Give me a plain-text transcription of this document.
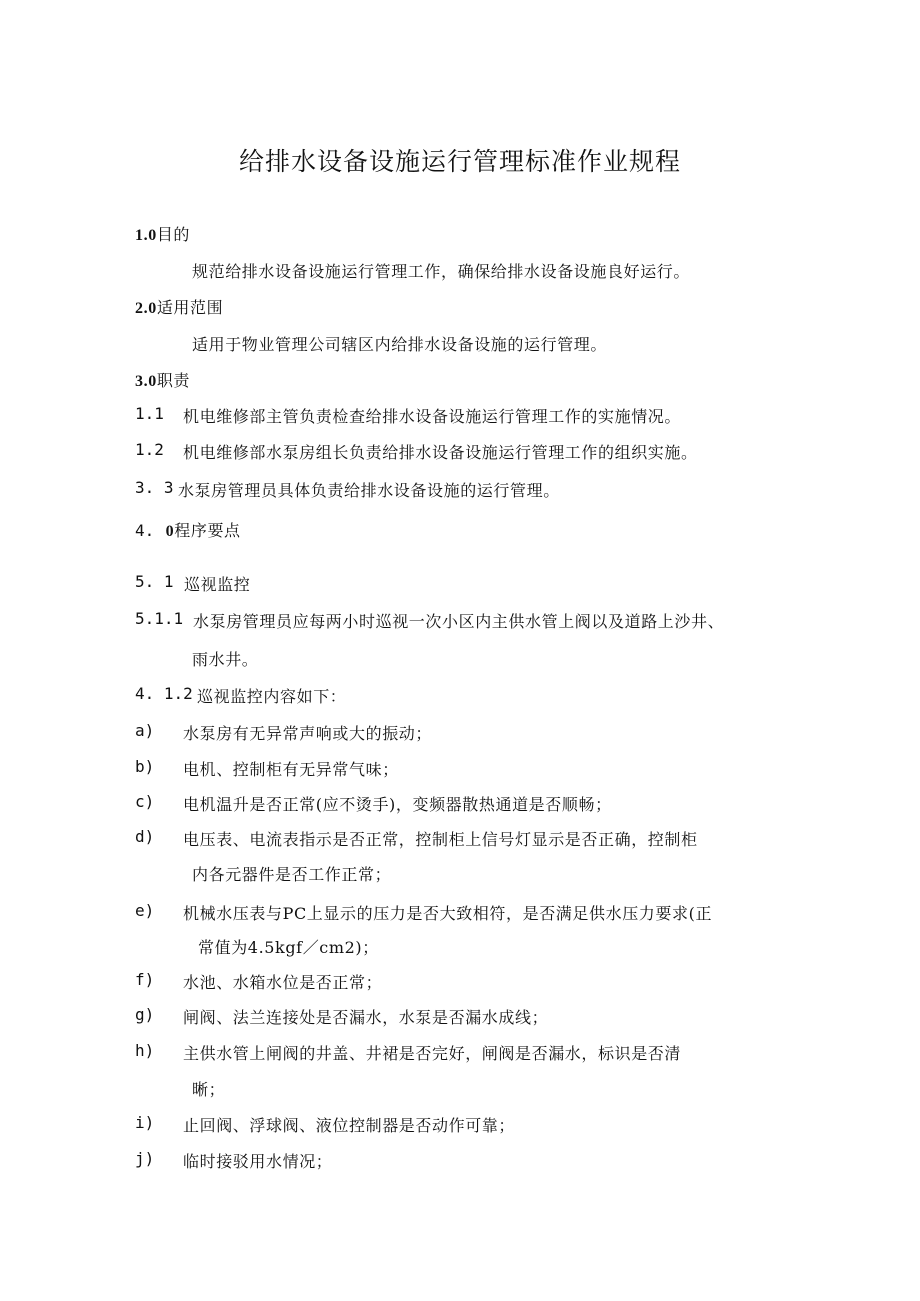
给排水设备设施运行管理标准作业规程
1.0目的
规范给排水设备设施运行管理工作，确保给排水设备设施良好运行。
2.0适用范围
适用于物业管理公司辖区内给排水设备设施的运行管理。
3.0职责
1.1 机电维修部主管负责检查给排水设备设施运行管理工作的实施情况。
1.2 机电维修部水泵房组长负责给排水设备设施运行管理工作的组织实施。
3. 3 水泵房管理员具体负责给排水设备设施的运行管理。
4. 0程序要点
5. 1 巡视监控
5.1.1 水泵房管理员应每两小时巡视一次小区内主供水管上阀以及道路上沙井、
雨水井。
4. 1.2 巡视监控内容如下：
a) 水泵房有无异常声响或大的振动；
b) 电机、控制柜有无异常气味；
c) 电机温升是否正常(应不烫手)，变频器散热通道是否顺畅；
d) 电压表、电流表指示是否正常，控制柜上信号灯显示是否正确，控制柜
内各元器件是否工作正常；
e) 机械水压表与PC上显示的压力是否大致相符，是否满足供水压力要求(正
常值为4.5kgf／cm2)；
f) 水池、水箱水位是否正常；
g) 闸阀、法兰连接处是否漏水，水泵是否漏水成线；
h) 主供水管上闸阀的井盖、井裙是否完好，闸阀是否漏水，标识是否清
晰；
i) 止回阀、浮球阀、液位控制器是否动作可靠；
j) 临时接驳用水情况；
